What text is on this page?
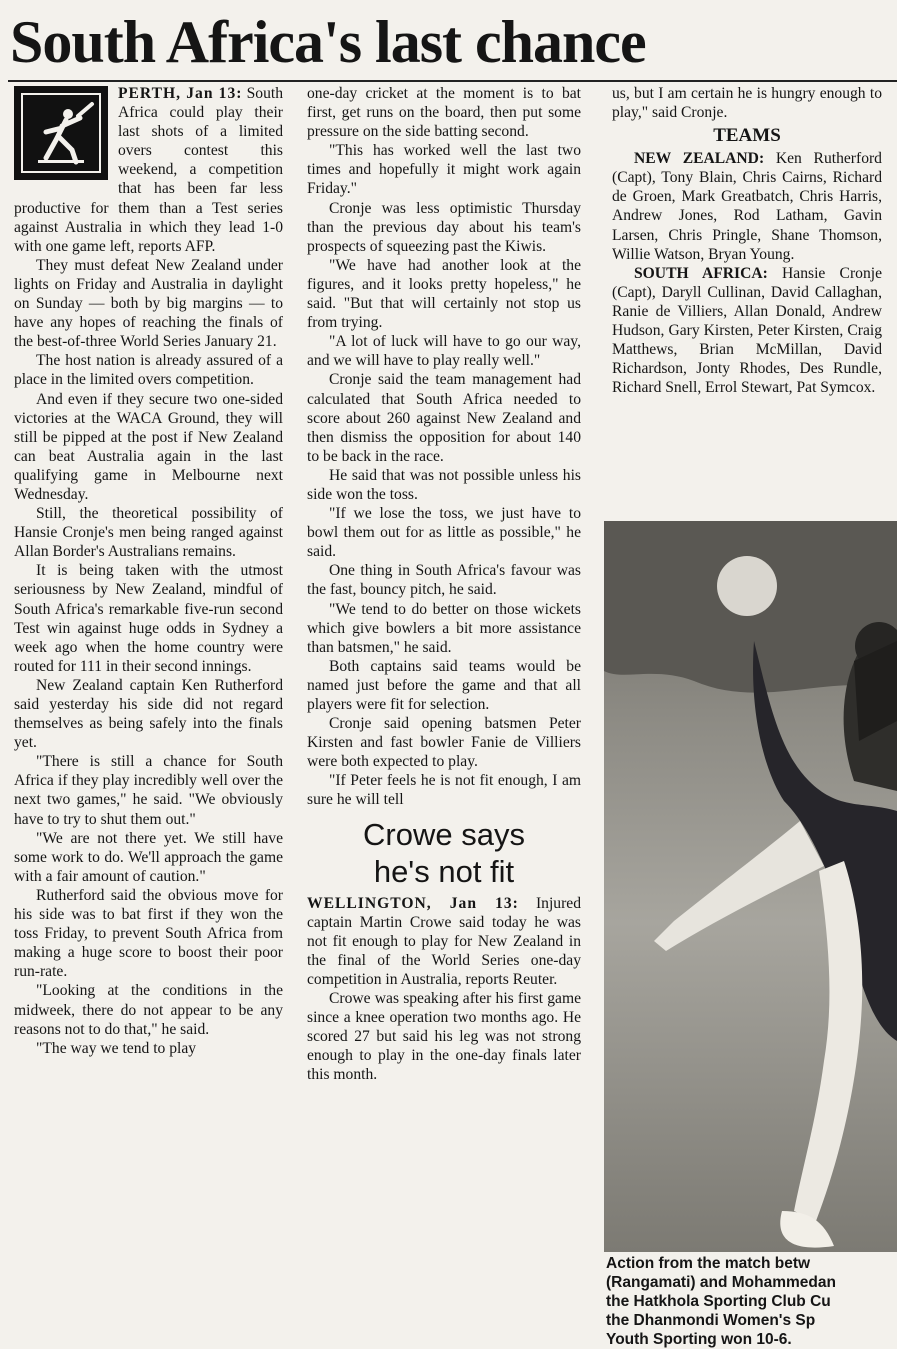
South Africa's last chance

PERTH, Jan 13: South Africa could play their last shots of a limited overs contest this weekend, a competition that has been far less productive for them than a Test series against Australia in which they lead 1-0 with one game left, reports AFP.

They must defeat New Zealand under lights on Friday and Australia in daylight on Sunday — both by big margins — to have any hopes of reaching the finals of the best-of-three World Series January 21.

The host nation is already assured of a place in the limited overs competition.

And even if they secure two one-sided victories at the WACA Ground, they will still be pipped at the post if New Zealand can beat Australia again in the last qualifying game in Melbourne next Wednesday.

Still, the theoretical possibility of Hansie Cronje's men being ranged against Allan Border's Australians remains.

It is being taken with the utmost seriousness by New Zealand, mindful of South Africa's remarkable five-run second Test win against huge odds in Sydney a week ago when the home country were routed for 111 in their second innings.

New Zealand captain Ken Rutherford said yesterday his side did not regard themselves as being safely into the finals yet.

"There is still a chance for South Africa if they play incredibly well over the next two games," he said. "We obviously have to try to shut them out."

"We are not there yet. We still have some work to do. We'll approach the game with a fair amount of caution."

Rutherford said the obvious move for his side was to bat first if they won the toss Friday, to prevent South Africa from making a huge score to boost their poor run-rate.

"Looking at the conditions in the midweek, there do not appear to be any reasons not to do that," he said.

"The way we tend to play

one-day cricket at the moment is to bat first, get runs on the board, then put some pressure on the side batting second.

"This has worked well the last two times and hopefully it might work again Friday."

Cronje was less optimistic Thursday than the previous day about his team's prospects of squeezing past the Kiwis.

"We have had another look at the figures, and it looks pretty hopeless," he said. "But that will certainly not stop us from trying.

"A lot of luck will have to go our way, and we will have to play really well."

Cronje said the team management had calculated that South Africa needed to score about 260 against New Zealand and then dismiss the opposition for about 140 to be back in the race.

He said that was not possible unless his side won the toss.

"If we lose the toss, we just have to bowl them out for as little as possible," he said.

One thing in South Africa's favour was the fast, bouncy pitch, he said.

"We tend to do better on those wickets which give bowlers a bit more assistance than batsmen," he said.

Both captains said teams would be named just before the game and that all players were fit for selection.

Cronje said opening batsmen Peter Kirsten and fast bowler Fanie de Villiers were both expected to play.

"If Peter feels he is not fit enough, I am sure he will tell

Crowe says
he's not fit

WELLINGTON, Jan 13: Injured captain Martin Crowe said today he was not fit enough to play for New Zealand in the final of the World Series one-day competition in Australia, reports Reuter.

Crowe was speaking after his first game since a knee operation two months ago. He scored 27 but said his leg was not strong enough to play in the one-day finals later this month.

us, but I am certain he is hungry enough to play," said Cronje.

TEAMS

NEW ZEALAND: Ken Rutherford (Capt), Tony Blain, Chris Cairns, Richard de Groen, Mark Greatbatch, Chris Harris, Andrew Jones, Rod Latham, Gavin Larsen, Chris Pringle, Shane Thomson, Willie Watson, Bryan Young.

SOUTH AFRICA: Hansie Cronje (Capt), Daryll Cullinan, David Callaghan, Ranie de Villiers, Allan Donald, Andrew Hudson, Gary Kirsten, Peter Kirsten, Craig Matthews, Brian McMillan, David Richardson, Jonty Rhodes, Des Rundle, Richard Snell, Errol Stewart, Pat Symcox.

Action from the match betw
(Rangamati) and Mohammedan
the Hatkhola Sporting Club Cu
the Dhanmondi Women's Sp
Youth Sporting won 10-6.
